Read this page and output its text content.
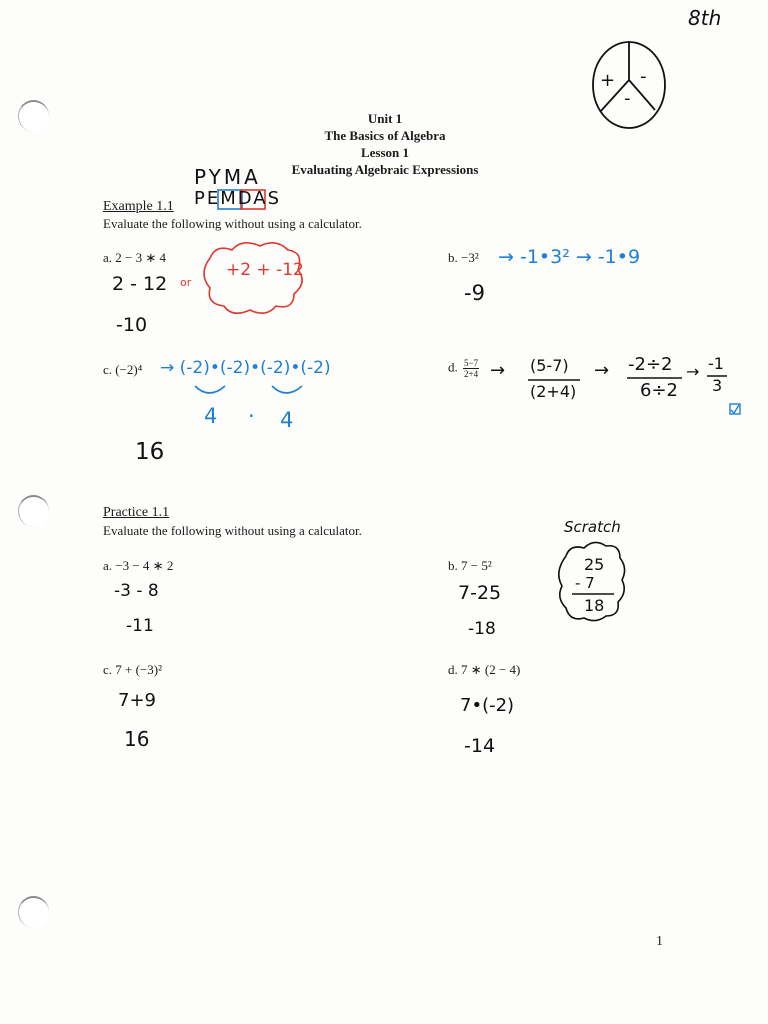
8th
+ -
-
Unit 1
The Basics of Algebra
Lesson 1
Evaluating Algebraic Expressions
PYMA
PEMDAS
Example 1.1
Evaluate the following without using a calculator.
a. 2 − 3 ∗ 4
2 - 12 or
+2 + -12
-10
b. −3² → -1•3² → -1•9
-9
c. (−2)⁴ → (-2)•(-2)•(-2)•(-2)
4 · 4
16
d. $\frac{5-7}{2+4} \to (5-7)$
(2+4)
→ -2÷2
6÷2
→ -1
3
Practice 1.1
Evaluate the following without using a calculator.
a. −3 − 4 ∗ 2
-3 - 8
-11
b. 7 − 5²
7-25
-18
Scratch
25
- 7
18
c. 7 + (−3)²
7+9
16
d. 7 ∗ (2 − 4)
7•(-2)
-14
1
